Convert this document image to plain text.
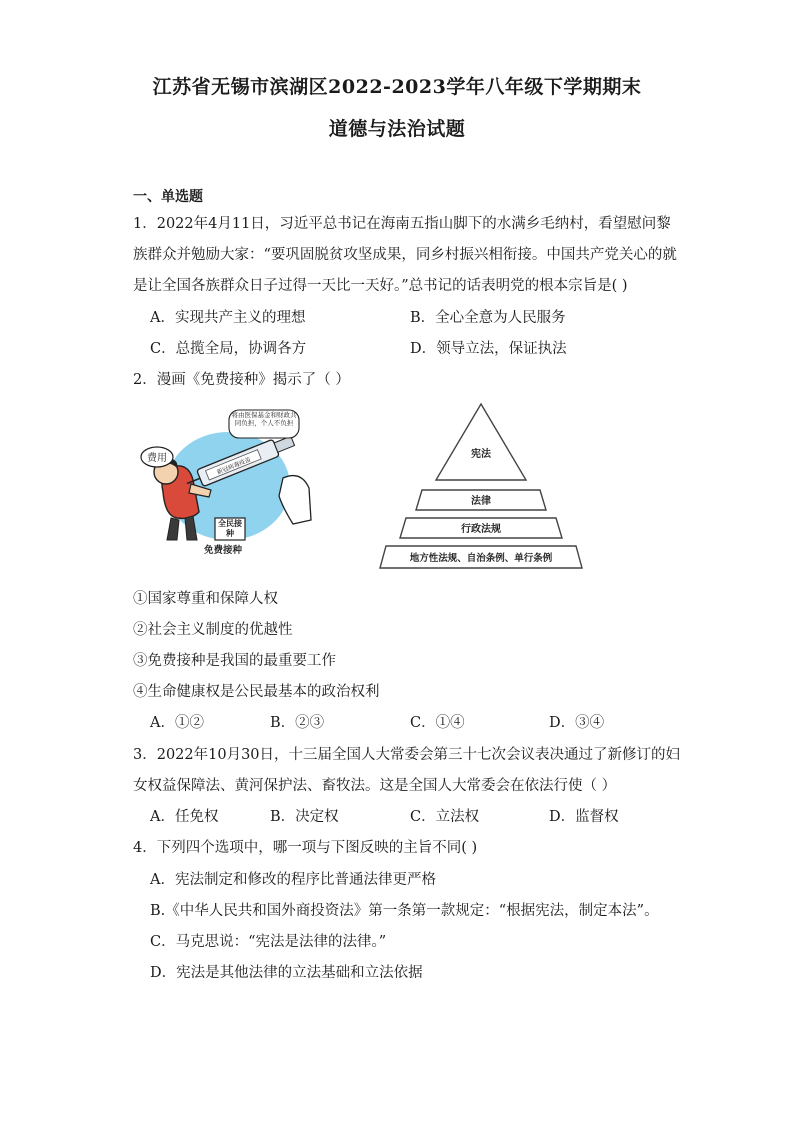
江苏省无锡市滨湖区2022-2023学年八年级下学期期末
道德与法治试题
一、单选题
1．2022年4月11日，习近平总书记在海南五指山脚下的水满乡毛纳村，看望慰问黎
族群众并勉励大家：“要巩固脱贫攻坚成果，同乡村振兴相衔接。中国共产党关心的就
是让全国各族群众日子过得一天比一天好。”总书记的话表明党的根本宗旨是( )
A．实现共产主义的理想	B．全心全意为人民服务
C．总揽全局，协调各方	D．领导立法，保证执法
2．漫画《免费接种》揭示了（ ）
费用	新冠病毒疫苗
将由医保基金和财政共同负担，个人不负担
全民接种
免费接种
宪法
法律
行政法规
地方性法规、自治条例、单行条例
①国家尊重和保障人权
②社会主义制度的优越性
③免费接种是我国的最重要工作
④生命健康权是公民最基本的政治权利
A．①②	B．②③	C．①④	D．③④
3．2022年10月30日，十三届全国人大常委会第三十七次会议表决通过了新修订的妇
女权益保障法、黄河保护法、畜牧法。这是全国人大常委会在依法行使（ ）
A．任免权	B．决定权	C．立法权	D．监督权
4．下列四个选项中，哪一项与下图反映的主旨不同( )
A．宪法制定和修改的程序比普通法律更严格
B.《中华人民共和国外商投资法》第一条第一款规定：“根据宪法，制定本法”。
C．马克思说：“宪法是法律的法律。”
D．宪法是其他法律的立法基础和立法依据
